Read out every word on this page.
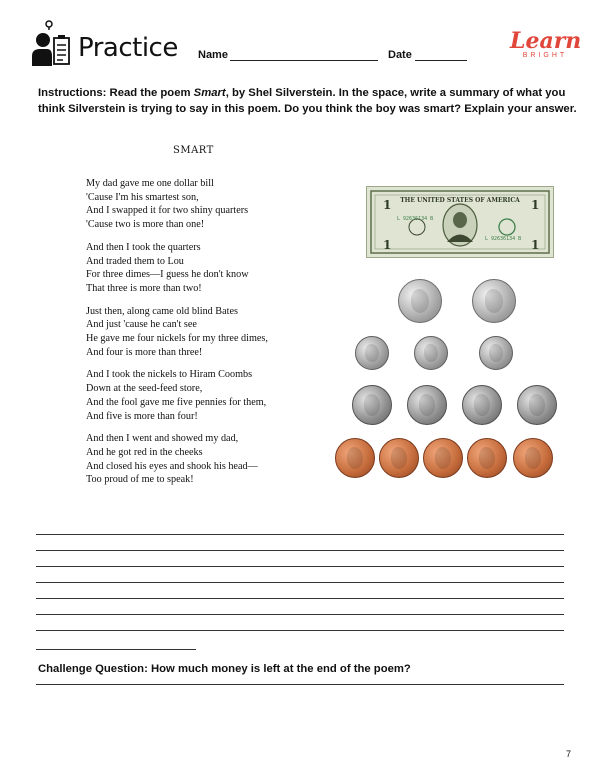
Practice Name	Date
Learn
BRIGHT
Instructions: Read the poem Smart, by Shel Silverstein. In the space, write a summary of what you think Silverstein is trying to say in this poem. Do you think the boy was smart? Explain your answer.
SMART
My dad gave me one dollar bill
'Cause I'm his smartest son,
And I swapped it for two shiny quarters
'Cause two is more than one!
And then I took the quarters
And traded them to Lou
For three dimes—I guess he don't know
That three is more than two!
Just then, along came old blind Bates
And just 'cause he can't see
He gave me four nickels for my three dimes,
And four is more than three!
And I took the nickels to Hiram Coombs
Down at the seed-feed store,
And the fool gave me five pennies for them,
And five is more than four!
And then I went and showed my dad,
And he got red in the cheeks
And closed his eyes and shook his head—
Too proud of me to speak!
THE UNITED STATES OF AMERICA
1	1
1	1
L 92636134 B
L 92636134 B
Challenge Question: How much money is left at the end of the poem?
7
